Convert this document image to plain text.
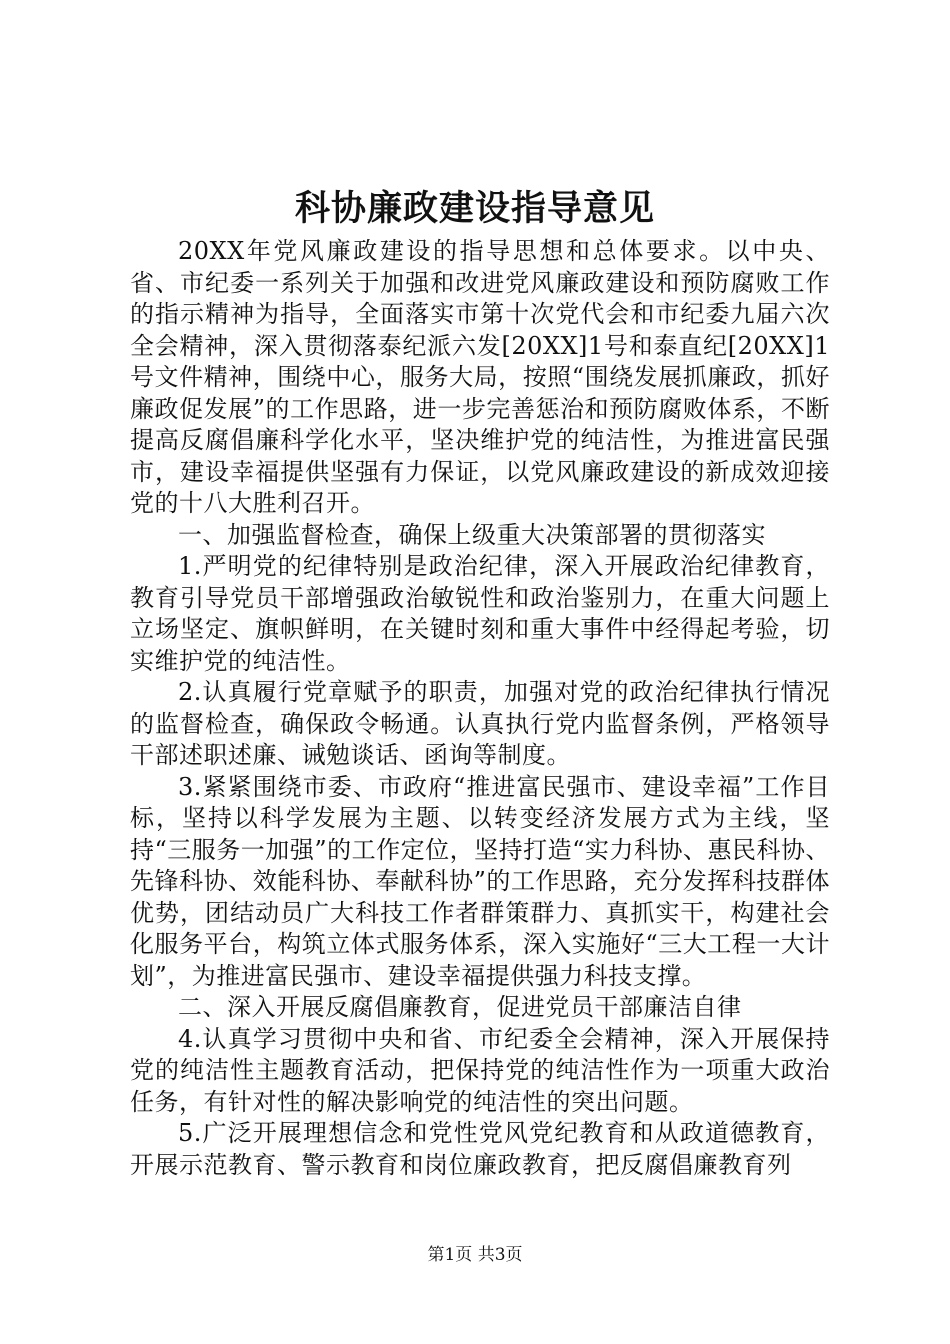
科协廉政建设指导意见

20XX年党风廉政建设的指导思想和总体要求。以中央、省、市纪委一系列关于加强和改进党风廉政建设和预防腐败工作的指示精神为指导，全面落实市第十次党代会和市纪委九届六次全会精神，深入贯彻落泰纪派六发[20XX]1号和泰直纪[20XX]1号文件精神，围绕中心，服务大局，按照“围绕发展抓廉政，抓好廉政促发展”的工作思路，进一步完善惩治和预防腐败体系，不断提高反腐倡廉科学化水平，坚决维护党的纯洁性，为推进富民强市，建设幸福提供坚强有力保证，以党风廉政建设的新成效迎接党的十八大胜利召开。

一、加强监督检查，确保上级重大决策部署的贯彻落实

1.严明党的纪律特别是政治纪律，深入开展政治纪律教育，教育引导党员干部增强政治敏锐性和政治鉴别力，在重大问题上立场坚定、旗帜鲜明，在关键时刻和重大事件中经得起考验，切实维护党的纯洁性。

2.认真履行党章赋予的职责，加强对党的政治纪律执行情况的监督检查，确保政令畅通。认真执行党内监督条例，严格领导干部述职述廉、诫勉谈话、函询等制度。

3.紧紧围绕市委、市政府“推进富民强市、建设幸福”工作目标，坚持以科学发展为主题、以转变经济发展方式为主线，坚持“三服务一加强”的工作定位，坚持打造“实力科协、惠民科协、先锋科协、效能科协、奉献科协”的工作思路，充分发挥科技群体优势，团结动员广大科技工作者群策群力、真抓实干，构建社会化服务平台，构筑立体式服务体系，深入实施好“三大工程一大计划”，为推进富民强市、建设幸福提供强力科技支撑。

二、深入开展反腐倡廉教育，促进党员干部廉洁自律

4.认真学习贯彻中央和省、市纪委全会精神，深入开展保持党的纯洁性主题教育活动，把保持党的纯洁性作为一项重大政治任务，有针对性的解决影响党的纯洁性的突出问题。

5.广泛开展理想信念和党性党风党纪教育和从政道德教育，开展示范教育、警示教育和岗位廉政教育，把反腐倡廉教育列

第1页 共3页
